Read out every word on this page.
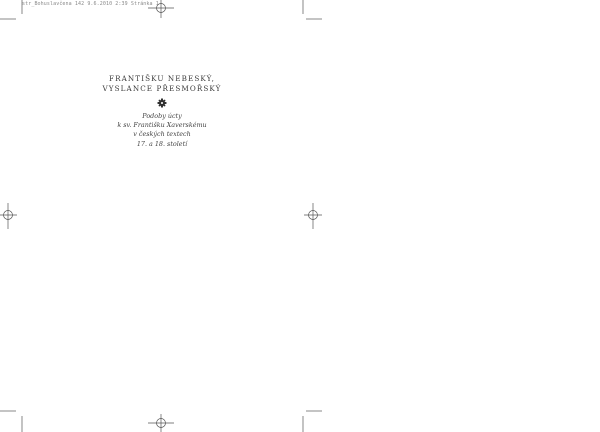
str_Bohuslavčena 142 9.6.2010 2:39 Stránka 1
FRANTIŠKU NEBESKÝ,
VYSLANCE PŘESMOŘSKÝ
Podoby úcty
k sv. Františku Xaverskému
v českých textech
17. a 18. století
